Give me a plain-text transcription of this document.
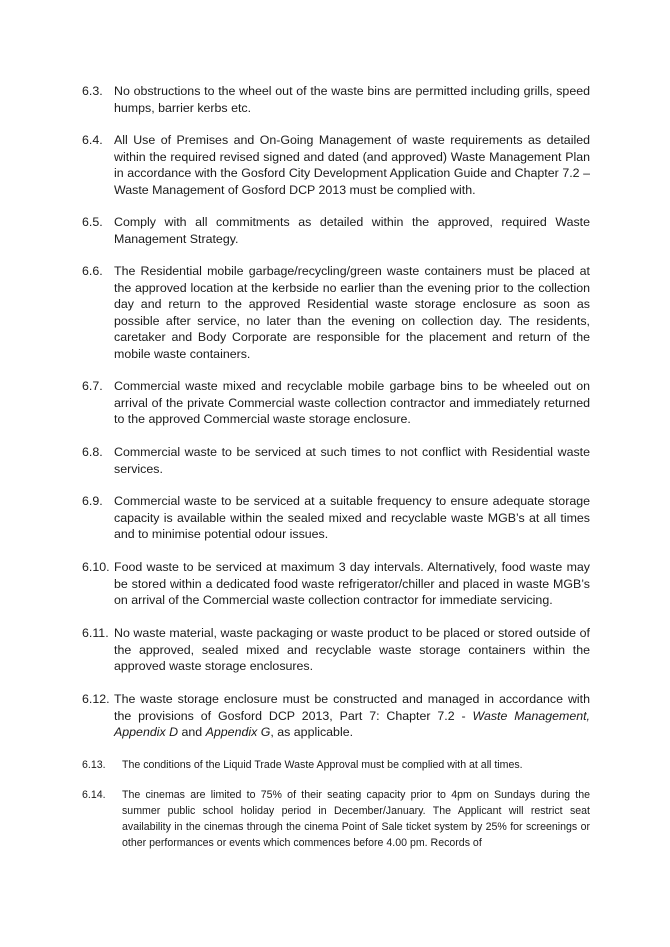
6.3. No obstructions to the wheel out of the waste bins are permitted including grills, speed humps, barrier kerbs etc.
6.4. All Use of Premises and On-Going Management of waste requirements as detailed within the required revised signed and dated (and approved) Waste Management Plan in accordance with the Gosford City Development Application Guide and Chapter 7.2 – Waste Management of Gosford DCP 2013 must be complied with.
6.5. Comply with all commitments as detailed within the approved, required Waste Management Strategy.
6.6. The Residential mobile garbage/recycling/green waste containers must be placed at the approved location at the kerbside no earlier than the evening prior to the collection day and return to the approved Residential waste storage enclosure as soon as possible after service, no later than the evening on collection day. The residents, caretaker and Body Corporate are responsible for the placement and return of the mobile waste containers.
6.7. Commercial waste mixed and recyclable mobile garbage bins to be wheeled out on arrival of the private Commercial waste collection contractor and immediately returned to the approved Commercial waste storage enclosure.
6.8. Commercial waste to be serviced at such times to not conflict with Residential waste services.
6.9. Commercial waste to be serviced at a suitable frequency to ensure adequate storage capacity is available within the sealed mixed and recyclable waste MGB’s at all times and to minimise potential odour issues.
6.10. Food waste to be serviced at maximum 3 day intervals. Alternatively, food waste may be stored within a dedicated food waste refrigerator/chiller and placed in waste MGB’s on arrival of the Commercial waste collection contractor for immediate servicing.
6.11. No waste material, waste packaging or waste product to be placed or stored outside of the approved, sealed mixed and recyclable waste storage containers within the approved waste storage enclosures.
6.12. The waste storage enclosure must be constructed and managed in accordance with the provisions of Gosford DCP 2013, Part 7: Chapter 7.2 - Waste Management, Appendix D and Appendix G, as applicable.
6.13.	The conditions of the Liquid Trade Waste Approval must be complied with at all times.
6.14.	The cinemas are limited to 75% of their seating capacity prior to 4pm on Sundays during the summer public school holiday period in December/January. The Applicant will restrict seat availability in the cinemas through the cinema Point of Sale ticket system by 25% for screenings or other performances or events which commences before 4.00 pm. Records of
